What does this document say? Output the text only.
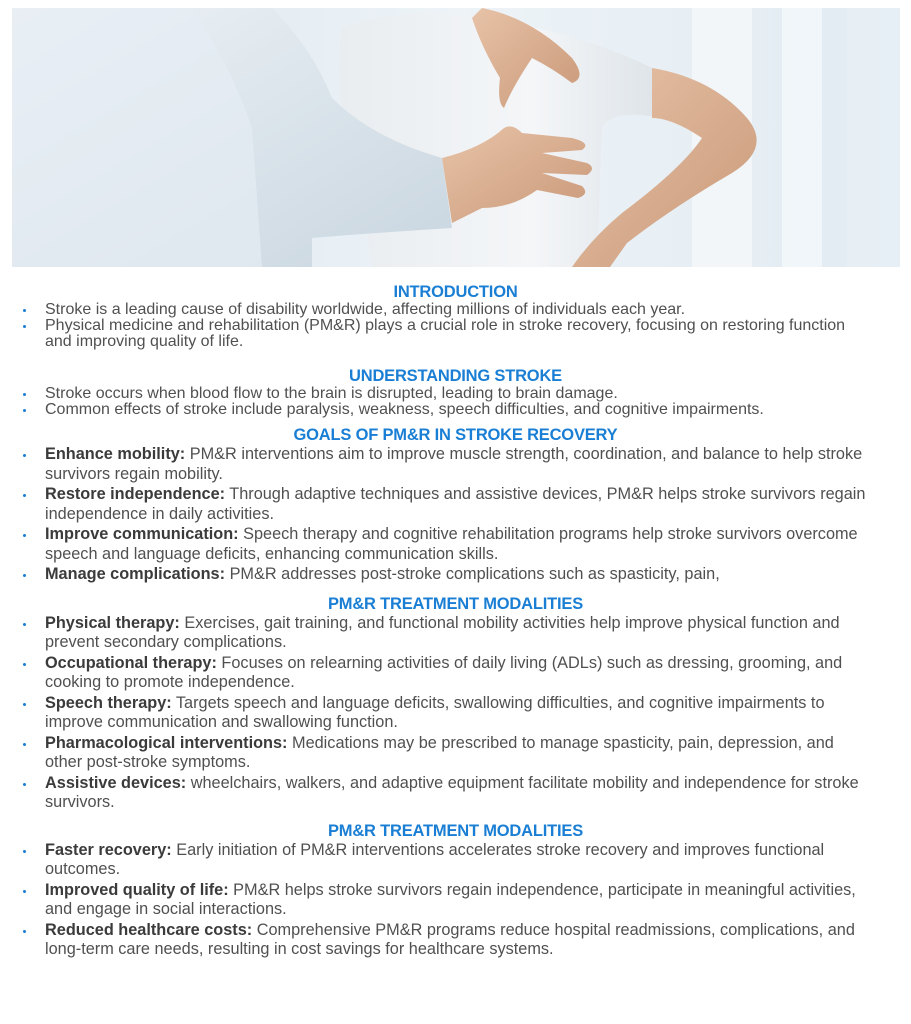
INTRODUCTION
Stroke is a leading cause of disability worldwide, affecting millions of individuals each year.
Physical medicine and rehabilitation (PM&R) plays a crucial role in stroke recovery, focusing on restoring function and improving quality of life.
UNDERSTANDING STROKE
Stroke occurs when blood flow to the brain is disrupted, leading to brain damage.
Common effects of stroke include paralysis, weakness, speech difficulties, and cognitive impairments.
GOALS OF PM&R IN STROKE RECOVERY
Enhance mobility: PM&R interventions aim to improve muscle strength, coordination, and balance to help stroke survivors regain mobility.
Restore independence: Through adaptive techniques and assistive devices, PM&R helps stroke survivors regain independence in daily activities.
Improve communication: Speech therapy and cognitive rehabilitation programs help stroke survivors overcome speech and language deficits, enhancing communication skills.
Manage complications: PM&R addresses post-stroke complications such as spasticity, pain,
PM&R TREATMENT MODALITIES
Physical therapy: Exercises, gait training, and functional mobility activities help improve physical function and prevent secondary complications.
Occupational therapy: Focuses on relearning activities of daily living (ADLs) such as dressing, grooming, and cooking to promote independence.
Speech therapy: Targets speech and language deficits, swallowing difficulties, and cognitive impairments to improve communication and swallowing function.
Pharmacological interventions: Medications may be prescribed to manage spasticity, pain, depression, and other post-stroke symptoms.
Assistive devices: wheelchairs, walkers, and adaptive equipment facilitate mobility and independence for stroke survivors.
PM&R TREATMENT MODALITIES
Faster recovery: Early initiation of PM&R interventions accelerates stroke recovery and improves functional outcomes.
Improved quality of life: PM&R helps stroke survivors regain independence, participate in meaningful activities, and engage in social interactions.
Reduced healthcare costs: Comprehensive PM&R programs reduce hospital readmissions, complications, and long-term care needs, resulting in cost savings for healthcare systems.
